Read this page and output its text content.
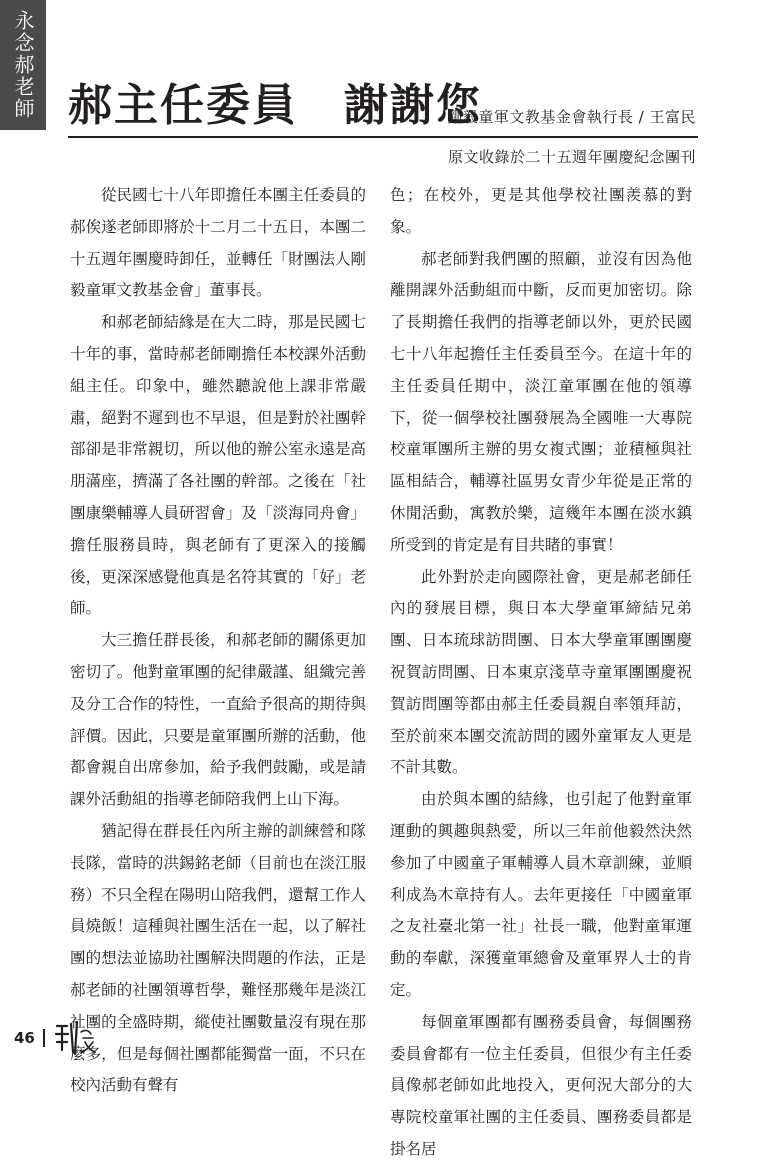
永念郝老師 郝主任委員　謝謝您
剛毅童軍文教基金會執行長 / 王富民
原文收錄於二十五週年團慶紀念團刊

從民國七十八年即擔任本團主任委員的郝俟遂老師即將於十二月二十五日，本團二十五週年團慶時卸任，並轉任「財團法人剛毅童軍文教基金會」董事長。

和郝老師結緣是在大二時，那是民國七十年的事，當時郝老師剛擔任本校課外活動組主任。印象中，雖然聽說他上課非常嚴肅，絕對不遲到也不早退，但是對於社團幹部卻是非常親切，所以他的辦公室永遠是高朋滿座，擠滿了各社團的幹部。之後在「社團康樂輔導人員研習會」及「淡海同舟會」擔任服務員時，與老師有了更深入的接觸後，更深深感覺他真是名符其實的「好」老師。

大三擔任群長後，和郝老師的關係更加密切了。他對童軍團的紀律嚴謹、組織完善及分工合作的特性，一直給予很高的期待與評價。因此，只要是童軍團所辦的活動，他都會親自出席參加，給予我們鼓勵，或是請課外活動組的指導老師陪我們上山下海。

猶記得在群長任內所主辦的訓練營和隊長隊，當時的洪錫銘老師（目前也在淡江服務）不只全程在陽明山陪我們，還幫工作人員燒飯！這種與社團生活在一起，以了解社團的想法並協助社團解決問題的作法，正是郝老師的社團領導哲學，難怪那幾年是淡江社團的全盛時期，縱使社團數量沒有現在那麼多，但是每個社團都能獨當一面，不只在校內活動有聲有

色；在校外，更是其他學校社團羨慕的對象。

郝老師對我們團的照顧，並沒有因為他離開課外活動組而中斷，反而更加密切。除了長期擔任我們的指導老師以外，更於民國七十八年起擔任主任委員至今。在這十年的主任委員任期中，淡江童軍團在他的領導下，從一個學校社團發展為全國唯一大專院校童軍團所主辦的男女複式團；並積極與社區相結合，輔導社區男女青少年從是正常的休閒活動，寓教於樂，這幾年本團在淡水鎮所受到的肯定是有目共睹的事實！

此外對於走向國際社會，更是郝老師任內的發展目標，與日本大學童軍締結兄弟團、日本琉球訪問團、日本大學童軍團團慶祝賀訪問團、日本東京淺草寺童軍團團慶祝賀訪問團等都由郝主任委員親自率領拜訪，至於前來本團交流訪問的國外童軍友人更是不計其數。

由於與本團的結緣，也引起了他對童軍運動的興趣與熱愛，所以三年前他毅然決然參加了中國童子軍輔導人員木章訓練，並順利成為木章持有人。去年更接任「中國童軍之友社臺北第一社」社長一職，他對童軍運動的奉獻，深獲童軍總會及童軍界人士的肯定。

每個童軍團都有團務委員會，每個團務委員會都有一位主任委員，但很少有主任委員像郝老師如此地投入，更何況大部分的大專院校童軍社團的主任委員、團務委員都是掛名居

46
